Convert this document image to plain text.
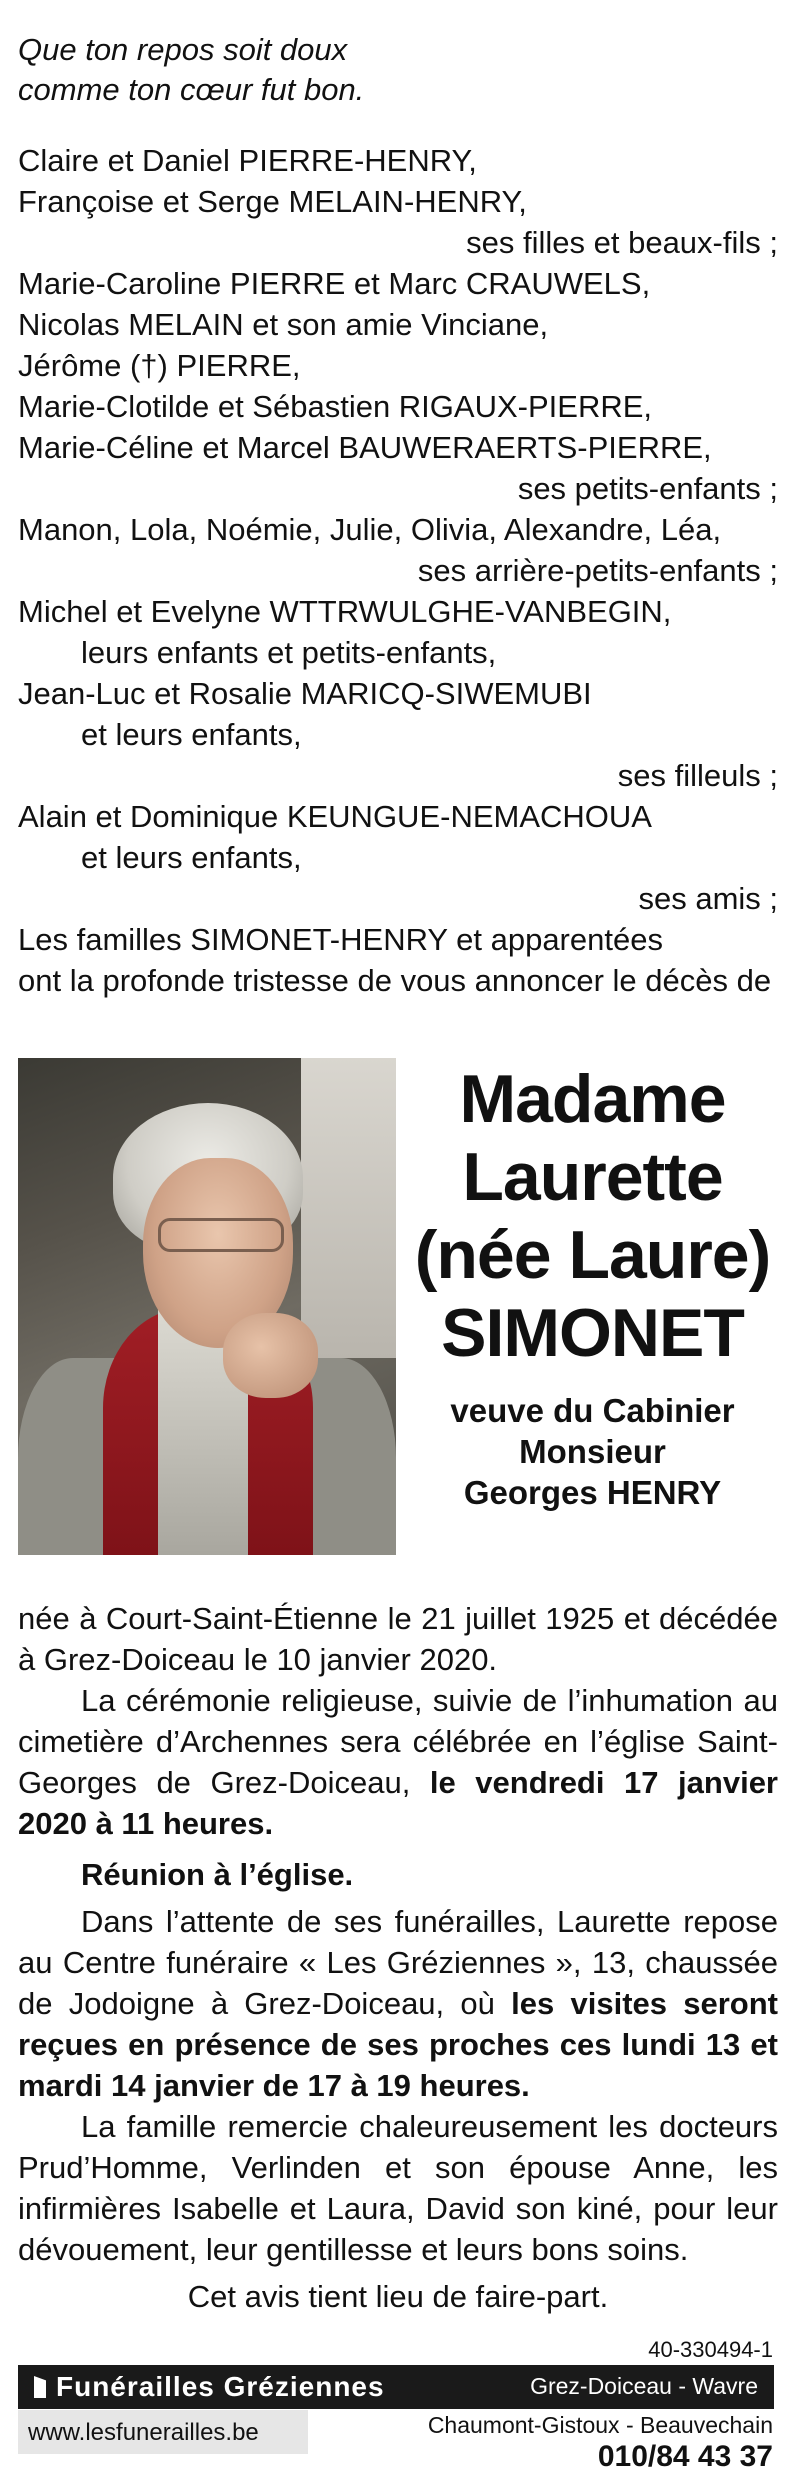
Que ton repos soit doux
comme ton cœur fut bon.
Claire et Daniel PIERRE-HENRY,
Françoise et Serge MELAIN-HENRY,
ses filles et beaux-fils ;
Marie-Caroline PIERRE et Marc CRAUWELS,
Nicolas MELAIN et son amie Vinciane,
Jérôme (†) PIERRE,
Marie-Clotilde et Sébastien RIGAUX-PIERRE,
Marie-Céline et Marcel BAUWERAERTS-PIERRE,
ses petits-enfants ;
Manon, Lola, Noémie, Julie, Olivia, Alexandre, Léa,
ses arrière-petits-enfants ;
Michel et Evelyne WTTRWULGHE-VANBEGIN,
leurs enfants et petits-enfants,
Jean-Luc et Rosalie MARICQ-SIWEMUBI
et leurs enfants,
ses filleuls ;
Alain et Dominique KEUNGUE-NEMACHOUA
et leurs enfants,
ses amis ;
Les familles SIMONET-HENRY et apparentées
ont la profonde tristesse de vous annoncer le décès de
Madame
Laurette
(née Laure)
SIMONET
veuve du Cabinier
Monsieur
Georges HENRY

née à Court-Saint-Étienne le 21 juillet 1925 et décédée à Grez-Doiceau le 10 janvier 2020.

La cérémonie religieuse, suivie de l’inhumation au cimetière d’Archennes sera célébrée en l’église Saint-Georges de Grez-Doiceau, le vendredi 17 janvier 2020 à 11 heures.

Réunion à l’église.

Dans l’attente de ses funérailles, Laurette repose au Centre funéraire « Les Gréziennes », 13, chaussée de Jodoigne à Grez-Doiceau, où les visites seront reçues en présence de ses proches ces lundi 13 et mardi 14 janvier de 17 à 19 heures.

La famille remercie chaleureusement les docteurs Prud’Homme, Verlinden et son épouse Anne, les infirmières Isabelle et Laura, David son kiné, pour leur dévouement, leur gentillesse et leurs bons soins.

Cet avis tient lieu de faire-part.

40-330494-1
Funérailles Gréziennes	Grez-Doiceau - Wavre
www.lesfunerailles.be	Chaumont-Gistoux - Beauvechain
010/84 43 37
